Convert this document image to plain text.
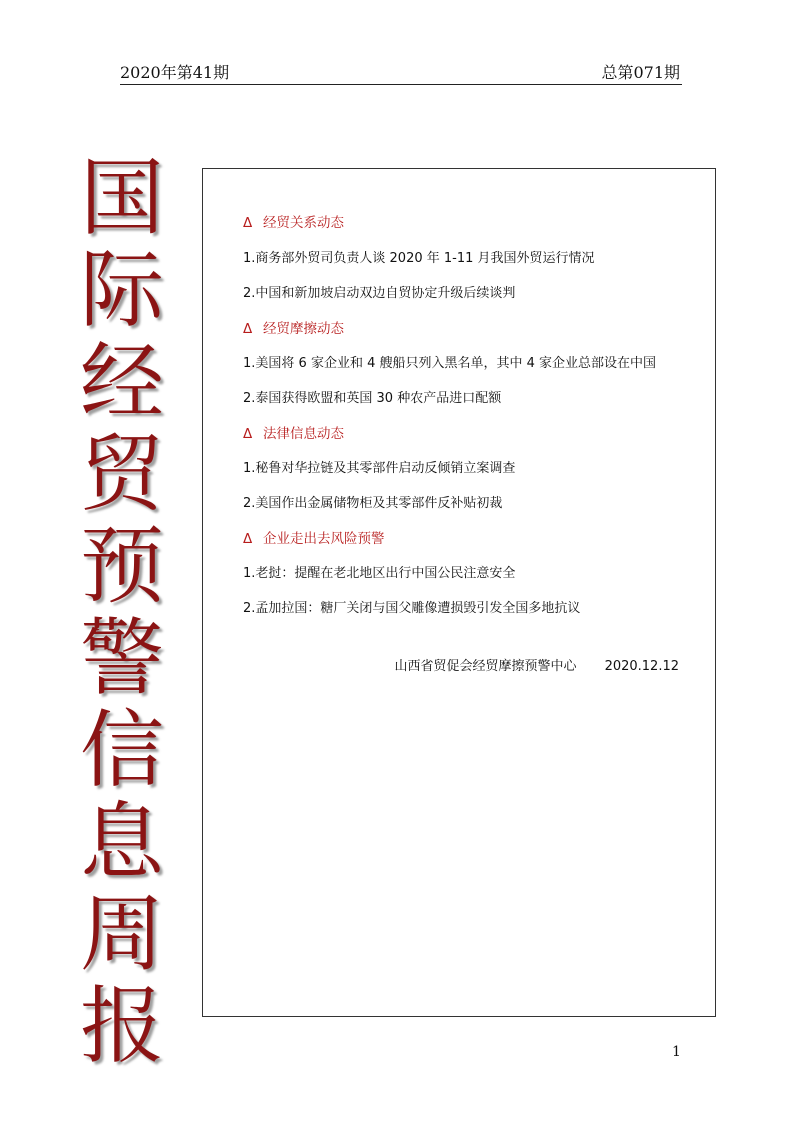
2020年第41期	总第071期
国
际
经
贸
预
警
信
息
周
报
Δ 经贸关系动态
1.商务部外贸司负责人谈 2020 年 1-11 月我国外贸运行情况
2.中国和新加坡启动双边自贸协定升级后续谈判
Δ 经贸摩擦动态
1.美国将 6 家企业和 4 艘船只列入黑名单，其中 4 家企业总部设在中国
2.泰国获得欧盟和英国 30 种农产品进口配额
Δ 法律信息动态
1.秘鲁对华拉链及其零部件启动反倾销立案调查
2.美国作出金属储物柜及其零部件反补贴初裁
Δ 企业走出去风险预警
1.老挝：提醒在老北地区出行中国公民注意安全
2.孟加拉国：糖厂关闭与国父雕像遭损毁引发全国多地抗议
山西省贸促会经贸摩擦预警中心 2020.12.12
1
